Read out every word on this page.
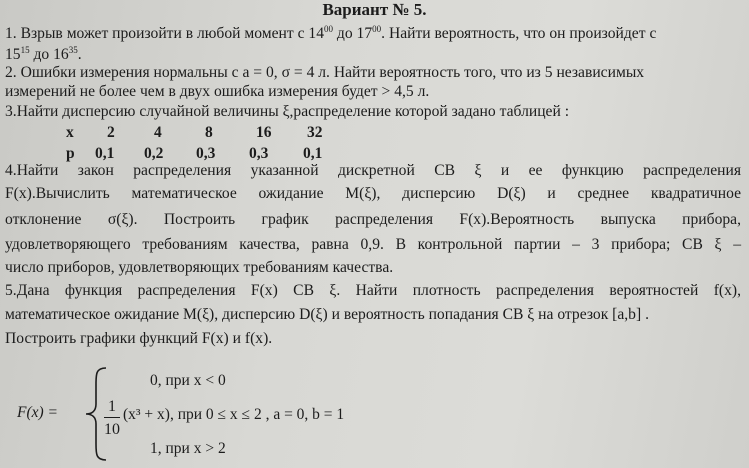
Вариант № 5.
1. Взрыв может произойти в любой момент с $14^{00}$ до $17^{00}$. Найти вероятность, что он произойдет с
$15^{15}$ до $16^{35}$.
2. Ошибки измерения нормальны с a = 0, σ = 4 л. Найти вероятность того, что из 5 независимых
измерений не более чем в двух ошибка измерения будет > 4,5 л.
3.Найти дисперсию случайной величины ξ,распределение которой задано таблицей :
x 2	4	8	16 32
p 0,1 0,2 0,3 0,3 0,1
4.Найти закон распределения указанной дискретной СВ ξ и ее функцию распределения
F(x).Вычислить математическое ожидание M(ξ), дисперсию D(ξ) и среднее квадратичное
отклонение σ(ξ). Построить график распределения F(x).Вероятность выпуска прибора,
удовлетворяющего требованиям качества, равна 0,9. В контрольной партии – 3 прибора; СВ ξ –
число приборов, удовлетворяющих требованиям качества.
5.Дана функция распределения F(x) СВ ξ. Найти плотность распределения вероятностей f(x),
математическое ожидание M(ξ), дисперсию D(ξ) и вероятность попадания СВ ξ на отрезок [a,b] .
Построить графики функций F(x) и f(x).
F(x) =
0, при x < 0
1
10
(x³ + x), при 0 ≤ x ≤ 2 , a = 0, b = 1
1, при x > 2
